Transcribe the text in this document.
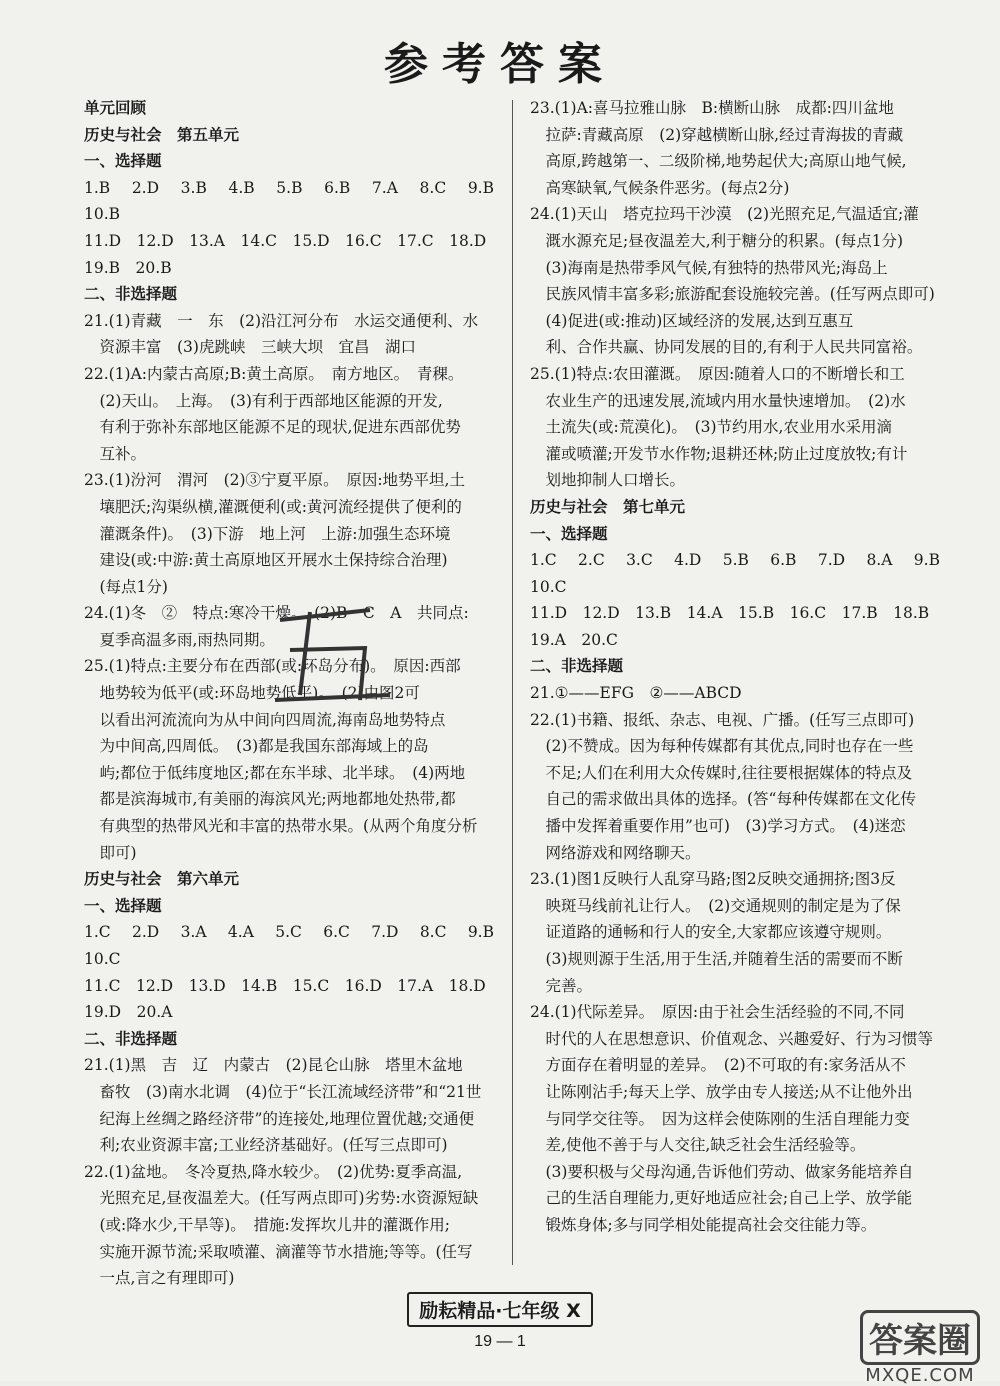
参考答案
单元回顾
历史与社会　第五单元
一、选择题
1.B　2.D　3.B　4.B　5.B　6.B　7.A　8.C　9.B　10.B
11.D　12.D　13.A　14.C　15.D　16.C　17.C　18.D
19.B　20.B
二、非选择题
21.(1)青藏　一　东　(2)沿江河分布　水运交通便利、水
　资源丰富　(3)虎跳峡　三峡大坝　宜昌　湖口
22.(1)A:内蒙古高原;B:黄土高原。　南方地区。　青稞。
　(2)天山。　上海。　(3)有利于西部地区能源的开发,
　有利于弥补东部地区能源不足的现状,促进东西部优势
　互补。
23.(1)汾河　渭河　(2)③宁夏平原。　原因:地势平坦,土
　壤肥沃;沟渠纵横,灌溉便利(或:黄河流经提供了便利的
　灌溉条件)。　(3)下游　地上河　上游:加强生态环境
　建设(或:中游:黄土高原地区开展水土保持综合治理)
　(每点1分)
24.(1)冬　②　特点:寒冷干燥。　(2)B　C　A　共同点:
　夏季高温多雨,雨热同期。
25.(1)特点:主要分布在西部(或:环岛分布)。　原因:西部
　地势较为低平(或:环岛地势低平)。　(2)由图2可
　以看出河流流向为从中间向四周流,海南岛地势特点
　为中间高,四周低。　(3)都是我国东部海域上的岛
　屿;都位于低纬度地区;都在东半球、北半球。　(4)两地
　都是滨海城市,有美丽的海滨风光;两地都地处热带,都
　有典型的热带风光和丰富的热带水果。(从两个角度分析
　即可)
历史与社会　第六单元
一、选择题
1.C　2.D　3.A　4.A　5.C　6.C　7.D　8.C　9.B　10.C
11.C　12.D　13.D　14.B　15.C　16.D　17.A　18.D
19.D　20.A
二、非选择题
21.(1)黑　吉　辽　内蒙古　(2)昆仑山脉　塔里木盆地
　畜牧　(3)南水北调　(4)位于“长江流域经济带”和“21世
　纪海上丝绸之路经济带”的连接处,地理位置优越;交通便
　利;农业资源丰富;工业经济基础好。(任写三点即可)
22.(1)盆地。　冬冷夏热,降水较少。　(2)优势:夏季高温,
　光照充足,昼夜温差大。(任写两点即可)劣势:水资源短缺
　(或:降水少,干旱等)。　措施:发挥坎儿井的灌溉作用;
　实施开源节流;采取喷灌、滴灌等节水措施;等等。(任写
　一点,言之有理即可)
23.(1)A:喜马拉雅山脉　B:横断山脉　成都:四川盆地
　拉萨:青藏高原　(2)穿越横断山脉,经过青海拔的青藏
　高原,跨越第一、二级阶梯,地势起伏大;高原山地气候,
　高寒缺氧,气候条件恶劣。(每点2分)
24.(1)天山　塔克拉玛干沙漠　(2)光照充足,气温适宜;灌
　溉水源充足;昼夜温差大,利于糖分的积累。(每点1分)
　(3)海南是热带季风气候,有独特的热带风光;海岛上
　民族风情丰富多彩;旅游配套设施较完善。(任写两点即可)
　(4)促进(或:推动)区域经济的发展,达到互惠互
　利、合作共赢、协同发展的目的,有利于人民共同富裕。
25.(1)特点:农田灌溉。　原因:随着人口的不断增长和工
　农业生产的迅速发展,流域内用水量快速增加。　(2)水
　土流失(或:荒漠化)。　(3)节约用水,农业用水采用滴
　灌或喷灌;开发节水作物;退耕还林;防止过度放牧;有计
　划地抑制人口增长。
历史与社会　第七单元
一、选择题
1.C　2.C　3.C　4.D　5.B　6.B　7.D　8.A　9.B　10.C
11.D　12.D　13.B　14.A　15.B　16.C　17.B　18.B
19.A　20.C
二、非选择题
21.①——EFG　②——ABCD
22.(1)书籍、报纸、杂志、电视、广播。(任写三点即可)
　(2)不赞成。因为每种传媒都有其优点,同时也存在一些
　不足;人们在利用大众传媒时,往往要根据媒体的特点及
　自己的需求做出具体的选择。(答“每种传媒都在文化传
　播中发挥着重要作用”也可)　(3)学习方式。　(4)迷恋
　网络游戏和网络聊天。
23.(1)图1反映行人乱穿马路;图2反映交通拥挤;图3反
　映斑马线前礼让行人。　(2)交通规则的制定是为了保
　证道路的通畅和行人的安全,大家都应该遵守规则。
　(3)规则源于生活,用于生活,并随着生活的需要而不断
　完善。
24.(1)代际差异。　原因:由于社会生活经验的不同,不同
　时代的人在思想意识、价值观念、兴趣爱好、行为习惯等
　方面存在着明显的差异。　(2)不可取的有:家务活从不
　让陈刚沾手;每天上学、放学由专人接送;从不让他外出
　与同学交往等。　因为这样会使陈刚的生活自理能力变
　差,使他不善于与人交往,缺乏社会生活经验等。
　(3)要积极与父母沟通,告诉他们劳动、做家务能培养自
　己的生活自理能力,更好地适应社会;自己上学、放学能
　锻炼身体;多与同学相处能提高社会交往能力等。
励耘精品·七年级 X
19 — 1	答案圈
MXQE.COM
